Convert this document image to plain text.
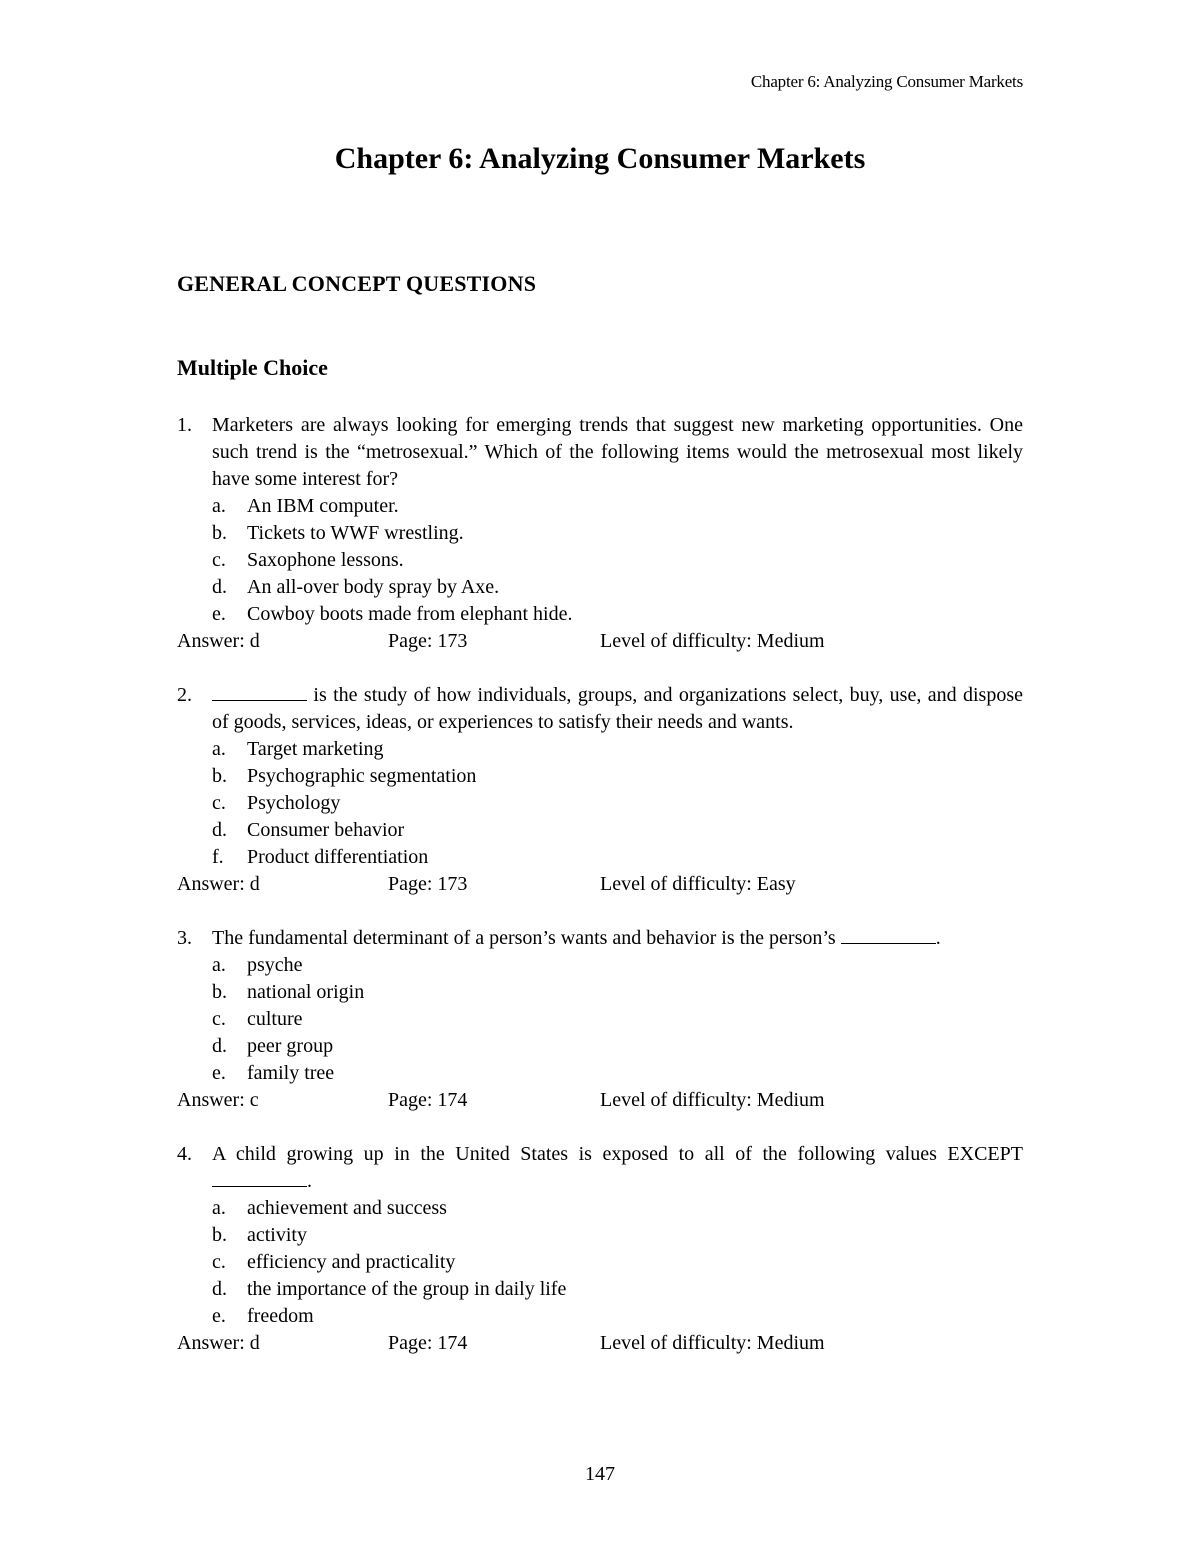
Chapter 6: Analyzing Consumer Markets
Chapter 6: Analyzing Consumer Markets
GENERAL CONCEPT QUESTIONS
Multiple Choice
1.	Marketers are always looking for emerging trends that suggest new marketing opportunities. One such trend is the “metrosexual.” Which of the following items would the metrosexual most likely have some interest for?
a.	An IBM computer.
b.	Tickets to WWF wrestling.
c.	Saxophone lessons.
d.	An all-over body spray by Axe.
e.	Cowboy boots made from elephant hide.
Answer: d	Page: 173	Level of difficulty: Medium
2.	is the study of how individuals, groups, and organizations select, buy, use, and dispose of goods, services, ideas, or experiences to satisfy their needs and wants.
a.	Target marketing
b.	Psychographic segmentation
c.	Psychology
d.	Consumer behavior
f.	Product differentiation
Answer: d	Page: 173	Level of difficulty: Easy
3.	The fundamental determinant of a person’s wants and behavior is the person’s	.
a.	psyche
b.	national origin
c.	culture
d.	peer group
e.	family tree
Answer: c	Page: 174	Level of difficulty: Medium
4.	A child growing up in the United States is exposed to all of the following values EXCEPT .
a.	achievement and success
b.	activity
c.	efficiency and practicality
d.	the importance of the group in daily life
e.	freedom
Answer: d	Page: 174	Level of difficulty: Medium
147
